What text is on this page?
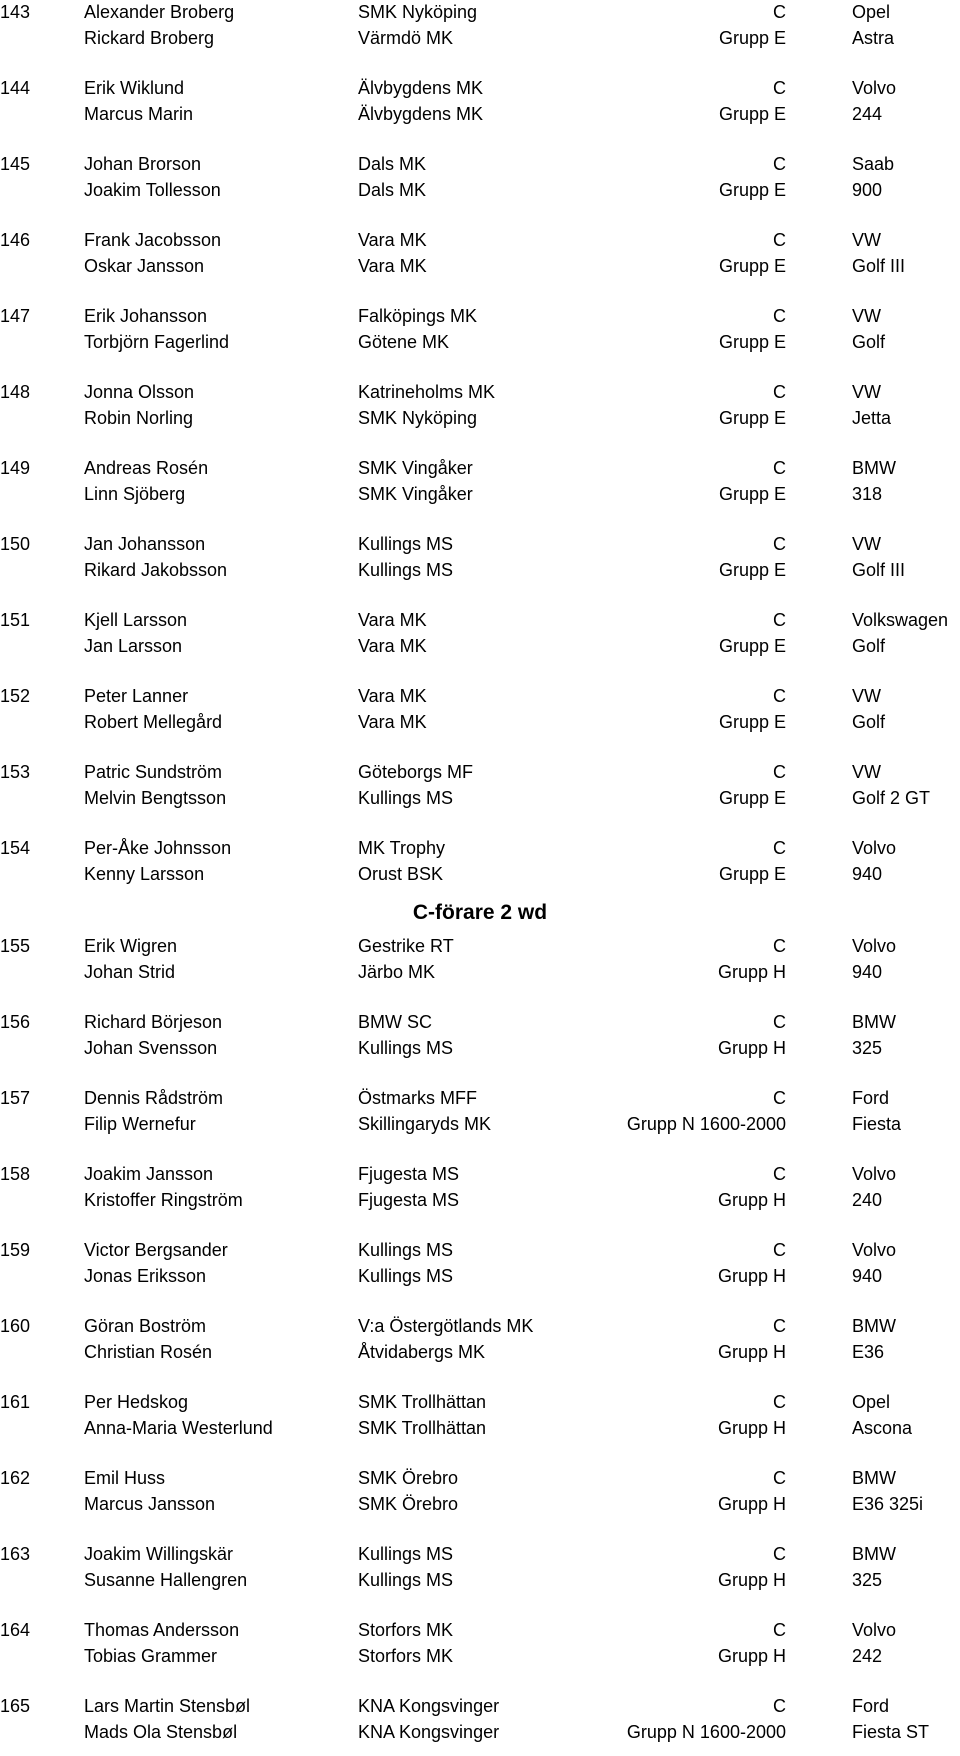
143	Alexander Broberg	SMK Nyköping	C	Opel
Rickard Broberg	Värmdö MK	Grupp E	Astra
144	Erik Wiklund	Älvbygdens MK	C	Volvo
Marcus Marin	Älvbygdens MK	Grupp E	244
145	Johan Brorson	Dals MK	C	Saab
Joakim Tollesson	Dals MK	Grupp E	900
146	Frank Jacobsson	Vara MK	C	VW
Oskar Jansson	Vara MK	Grupp E	Golf III
147	Erik Johansson	Falköpings MK	C	VW
Torbjörn Fagerlind	Götene MK	Grupp E	Golf
148	Jonna Olsson	Katrineholms MK	C	VW
Robin Norling	SMK Nyköping	Grupp E	Jetta
149	Andreas Rosén	SMK Vingåker	C	BMW
Linn Sjöberg	SMK Vingåker	Grupp E	318
150	Jan Johansson	Kullings MS	C	VW
Rikard Jakobsson	Kullings MS	Grupp E	Golf III
151	Kjell Larsson	Vara MK	C	Volkswagen
Jan Larsson	Vara MK	Grupp E	Golf
152	Peter Lanner	Vara MK	C	VW
Robert Mellegård	Vara MK	Grupp E	Golf
153	Patric Sundström	Göteborgs MF	C	VW
Melvin Bengtsson	Kullings MS	Grupp E	Golf 2 GT
154	Per-Åke Johnsson	MK Trophy	C	Volvo
Kenny Larsson	Orust BSK	Grupp E	940
C-förare 2 wd
155	Erik Wigren	Gestrike RT	C	Volvo
Johan Strid	Järbo MK	Grupp H	940
156	Richard Börjeson	BMW SC	C	BMW
Johan Svensson	Kullings MS	Grupp H	325
157	Dennis Rådström	Östmarks MFF	C	Ford
Filip Wernefur	Skillingaryds MK	Grupp N 1600-2000	Fiesta
158	Joakim Jansson	Fjugesta MS	C	Volvo
Kristoffer Ringström	Fjugesta MS	Grupp H	240
159	Victor Bergsander	Kullings MS	C	Volvo
Jonas Eriksson	Kullings MS	Grupp H	940
160	Göran Boström	V:a Östergötlands MK	C	BMW
Christian Rosén	Åtvidabergs MK	Grupp H	E36
161	Per Hedskog	SMK Trollhättan	C	Opel
Anna-Maria Westerlund	SMK Trollhättan	Grupp H	Ascona
162	Emil Huss	SMK Örebro	C	BMW
Marcus Jansson	SMK Örebro	Grupp H	E36 325i
163	Joakim Willingskär	Kullings MS	C	BMW
Susanne Hallengren	Kullings MS	Grupp H	325
164	Thomas Andersson	Storfors MK	C	Volvo
Tobias Grammer	Storfors MK	Grupp H	242
165	Lars Martin Stensbøl	KNA Kongsvinger	C	Ford
Mads Ola Stensbøl	KNA Kongsvinger	Grupp N 1600-2000	Fiesta ST
